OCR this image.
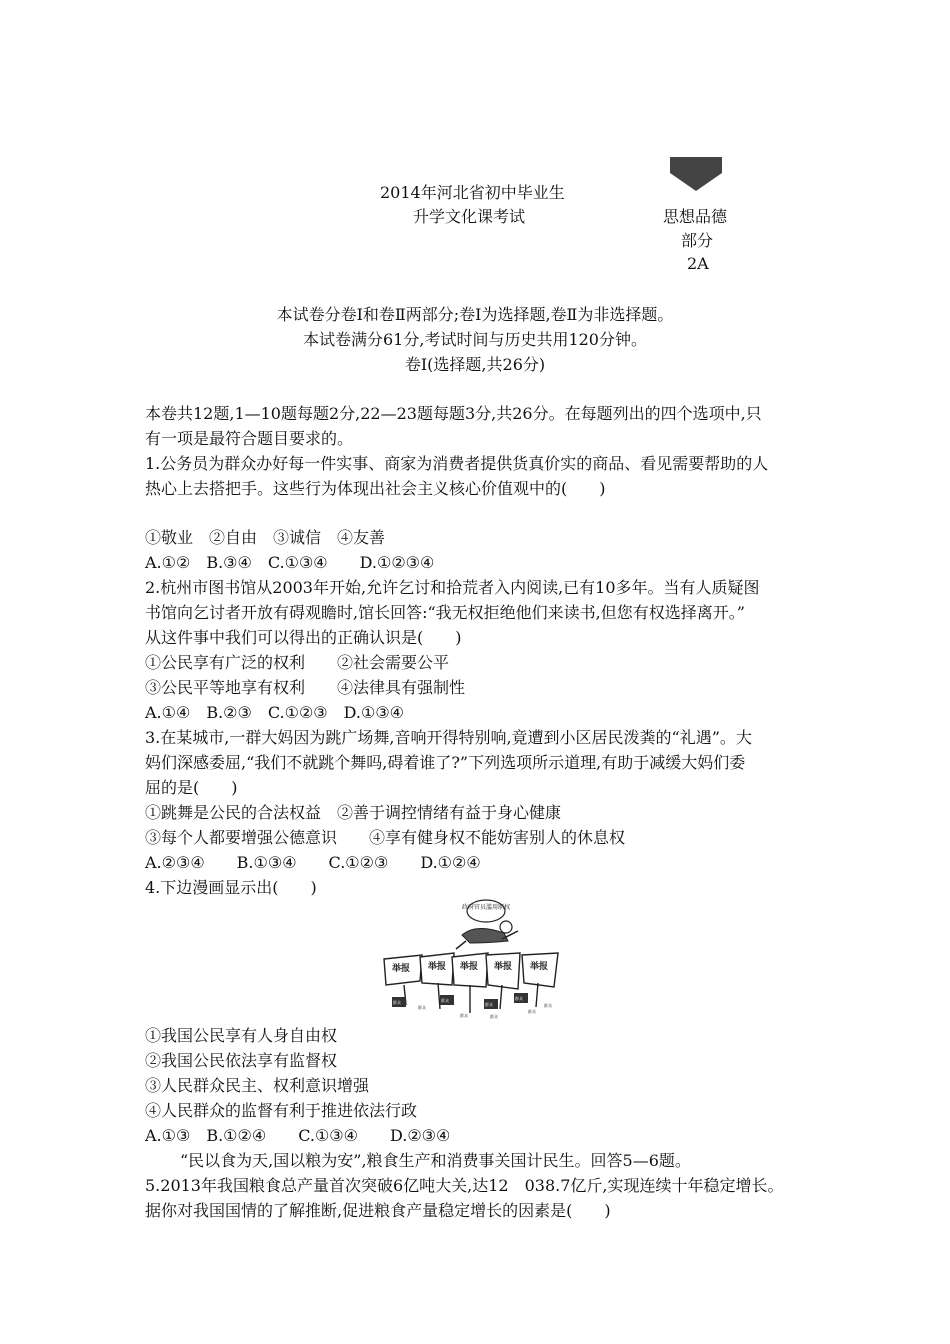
2014年河北省初中毕业生
升学文化课考试	思想品德
部分
2A
本试卷分卷Ⅰ和卷Ⅱ两部分;卷Ⅰ为选择题,卷Ⅱ为非选择题。
本试卷满分61分,考试时间与历史共用120分钟。
卷Ⅰ(选择题,共26分)
本卷共12题,1—10题每题2分,22—23题每题3分,共26分。在每题列出的四个选项中,只
有一项是最符合题目要求的。
1.公务员为群众办好每一件实事、商家为消费者提供货真价实的商品、看见需要帮助的人
热心上去搭把手。这些行为体现出社会主义核心价值观中的(　　)
①敬业　②自由　③诚信　④友善
A.①②　B.③④　C.①③④　　D.①②③④
2.杭州市图书馆从2003年开始,允许乞讨和拾荒者入内阅读,已有10多年。当有人质疑图
书馆向乞讨者开放有碍观瞻时,馆长回答:“我无权拒绝他们来读书,但您有权选择离开。”
从这件事中我们可以得出的正确认识是(　　)
①公民享有广泛的权利　　②社会需要公平
③公民平等地享有权利　　④法律具有强制性
A.①④　B.②③　C.①②③　D.①③④
3.在某城市,一群大妈因为跳广场舞,音响开得特别响,竟遭到小区居民泼粪的“礼遇”。大
妈们深感委屈,“我们不就跳个舞吗,碍着谁了?”下列选项所示道理,有助于减缓大妈们委
屈的是(　　)
①跳舞是公民的合法权益　②善于调控情绪有益于身心健康
③每个人都要增强公德意识　　④享有健身权不能妨害别人的休息权
A.②③④　　B.①③④　　C.①②③　　D.①②④
4.下边漫画显示出(　　)
政府官员滥用职权
举报 举报 举报 举报 举报
群众	群众
群众
群众
群众
群众	群众
群众
群众
①我国公民享有人身自由权
②我国公民依法享有监督权
③人民群众民主、权利意识增强
④人民群众的监督有利于推进依法行政
A.①③　B.①②④　　C.①③④　　D.②③④
“民以食为天,国以粮为安”,粮食生产和消费事关国计民生。回答5—6题。
5.2013年我国粮食总产量首次突破6亿吨大关,达12　038.7亿斤,实现连续十年稳定增长。
据你对我国国情的了解推断,促进粮食产量稳定增长的因素是(　　)
